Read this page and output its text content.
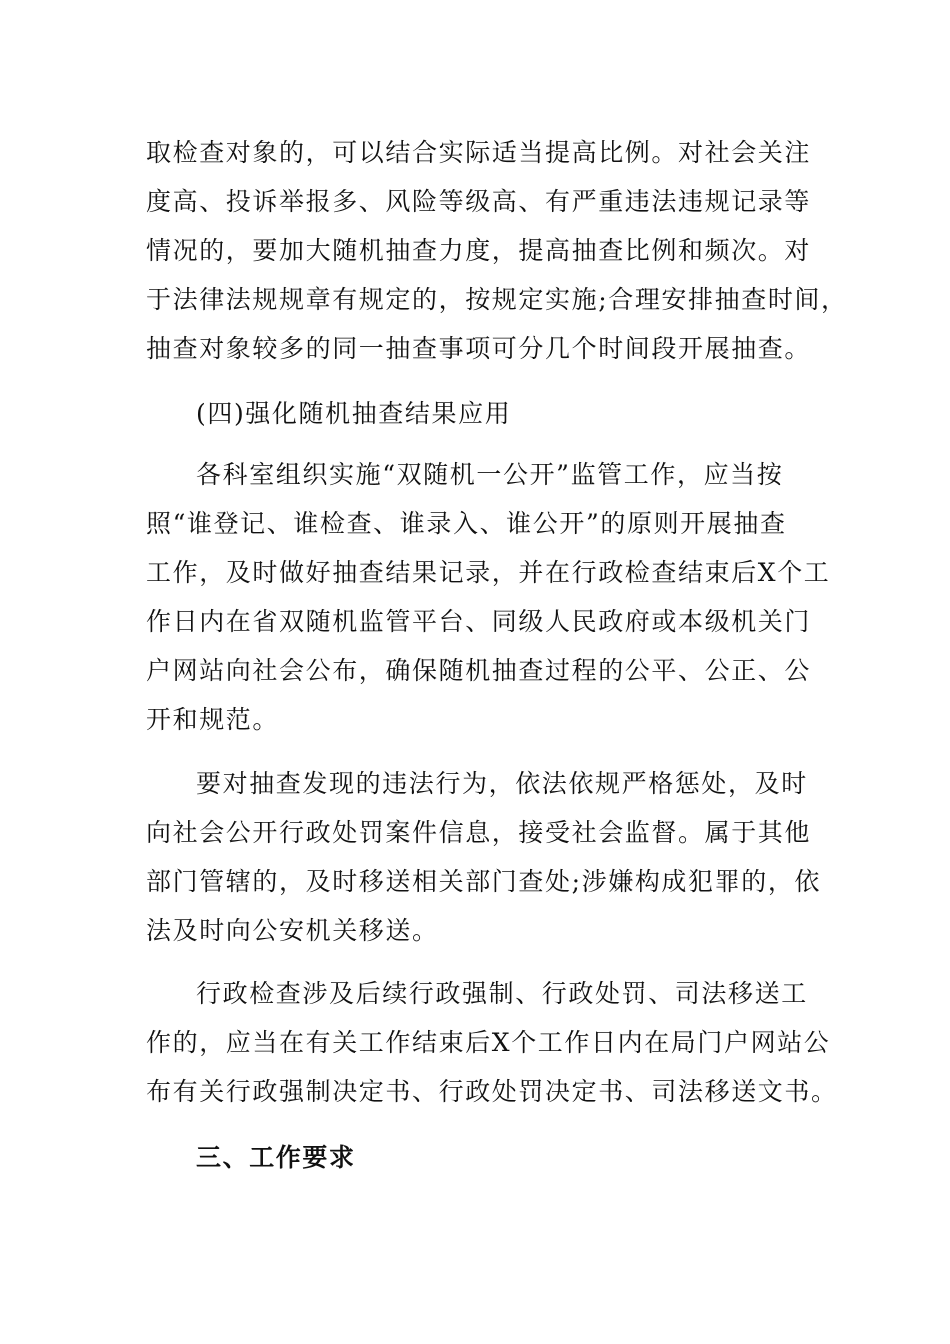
取检查对象的，可以结合实际适当提高比例。对社会关注
度高、投诉举报多、风险等级高、有严重违法违规记录等
情况的，要加大随机抽查力度，提高抽查比例和频次。对
于法律法规规章有规定的，按规定实施;合理安排抽查时间，
抽查对象较多的同一抽查事项可分几个时间段开展抽查。
(四)强化随机抽查结果应用
各科室组织实施“双随机一公开”监管工作，应当按
照“谁登记、谁检查、谁录入、谁公开”的原则开展抽查
工作，及时做好抽查结果记录，并在行政检查结束后X个工
作日内在省双随机监管平台、同级人民政府或本级机关门
户网站向社会公布，确保随机抽查过程的公平、公正、公
开和规范。
要对抽查发现的违法行为，依法依规严格惩处，及时
向社会公开行政处罚案件信息，接受社会监督。属于其他
部门管辖的，及时移送相关部门查处;涉嫌构成犯罪的，依
法及时向公安机关移送。
行政检查涉及后续行政强制、行政处罚、司法移送工
作的，应当在有关工作结束后X个工作日内在局门户网站公
布有关行政强制决定书、行政处罚决定书、司法移送文书。
三、工作要求
